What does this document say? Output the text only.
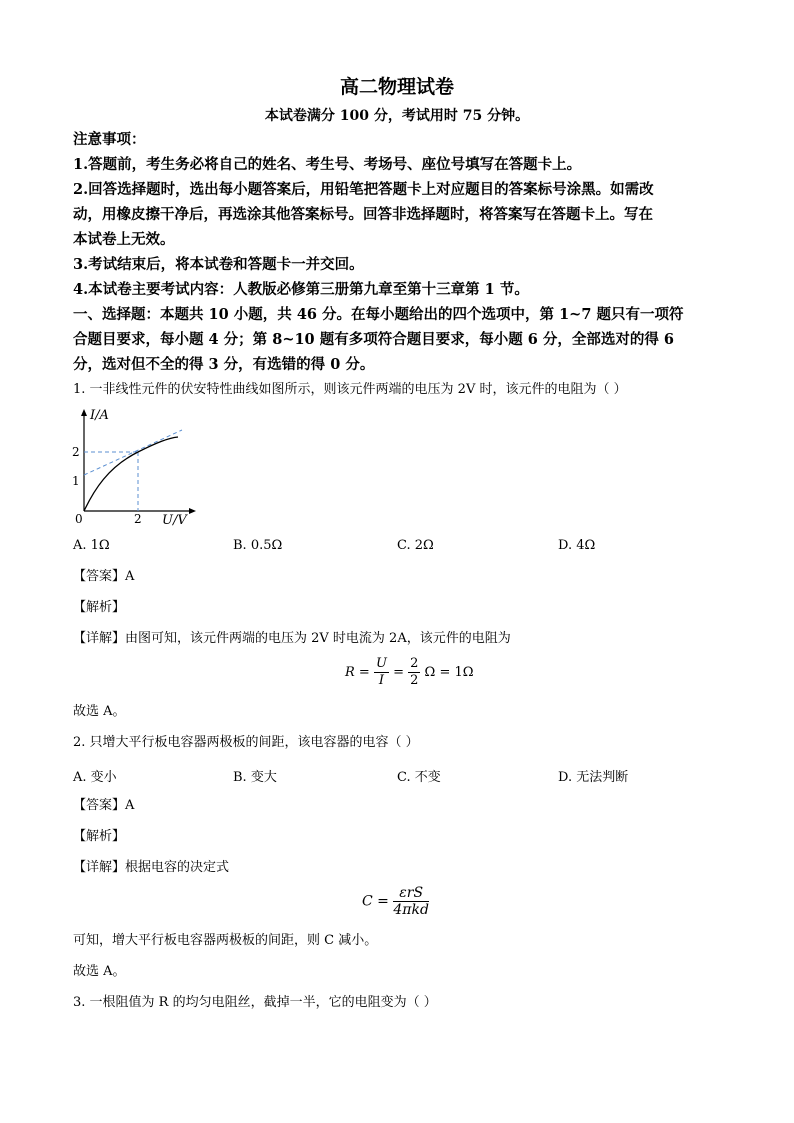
高二物理试卷
本试卷满分 100 分，考试用时 75 分钟。
注意事项：
1.答题前，考生务必将自己的姓名、考生号、考场号、座位号填写在答题卡上。
2.回答选择题时，选出每小题答案后，用铅笔把答题卡上对应题目的答案标号涂黑。如需改
动，用橡皮擦干净后，再选涂其他答案标号。回答非选择题时，将答案写在答题卡上。写在
本试卷上无效。
3.考试结束后，将本试卷和答题卡一并交回。
4.本试卷主要考试内容：人教版必修第三册第九章至第十三章第 1 节。
一、选择题：本题共 10 小题，共 46 分。在每小题给出的四个选项中，第 1~7 题只有一项符
合题目要求，每小题 4 分；第 8~10 题有多项符合题目要求，每小题 6 分，全部选对的得 6
分，选对但不全的得 3 分，有选错的得 0 分。
1. 一非线性元件的伏安特性曲线如图所示，则该元件两端的电压为 2V 时，该元件的电阻为（ ）
I/A
2
1
0	2 U/V
A. 1Ω	B. 0.5Ω	C. 2Ω	D. 4Ω
【答案】A
【解析】
【详解】由图可知，该元件两端的电压为 2V 时电流为 2A，该元件的电阻为
$R = \frac{U}{I} = \frac{2}{2}$ Ω = 1Ω
故选 A。
2. 只增大平行板电容器两极板的间距，该电容器的电容（ ）
A. 变小	B. 变大	C. 不变	D. 无法判断
【答案】A
【解析】
【详解】根据电容的决定式
$C = \frac{\text{εrS}}{\text{4πkd}}$
可知，增大平行板电容器两极板的间距，则 C 减小。
故选 A。
3. 一根阻值为 R 的均匀电阻丝，截掉一半，它的电阻变为（ ）
